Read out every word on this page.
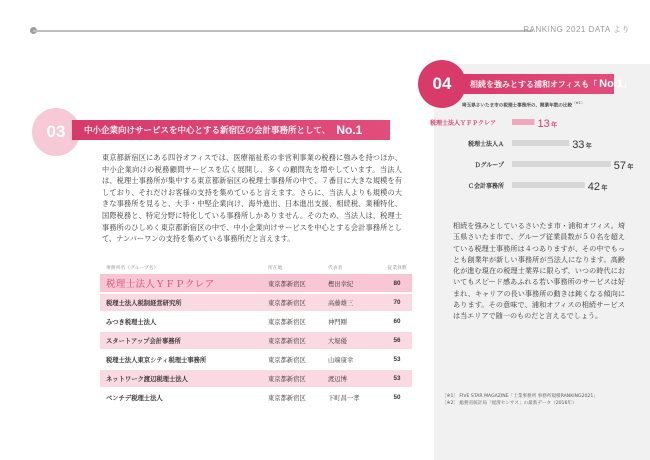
RANKING 2021 DATA より
03 中小企業向けサービスを中心とする新宿区の会計事務所として、 No.1
東京都新宿区にある四谷オフィスでは、医療福祉系の非営利事業の税務に強みを持つほか、中小企業向けの税務顧問サービスを広く展開し、多くの顧問先を増やしています。当法人は、税理士事務所が集中する東京都新宿区の税理士事務所の中で、７番目に大きな規模を有しており、それだけお客様の支持を集めていると言えます。さらに、当法人よりも規模の大きな事務所を見ると、大手・中堅企業向け、海外進出、日本進出支援、相続税、業種特化、国際税務と、特定分野に特化している事務所しかありません。そのため、当法人は、税理士事務所のひしめく東京都新宿区の中で、中小企業向けサービスを中心とする会計事務所として、ナンバーワンの支持を集めている事務所だと言えます。
事務所名（グループ名）	所在地	代表者	従業員数
税理士法人ＹＦＰクレア	東京都新宿区	樫田幸紀	80
税理士法人税制経営研究所	東京都新宿区	高藤雄三	70
みつき税理士法人	東京都新宿区	神門剛	60
スタートアップ会計事務所	東京都新宿区	大堀優	56
税理士法人東京シティ税理士事務所	東京都新宿区	山端康幸	53
ネットワーク渡辺税理士法人	東京都新宿区	渡辺博	53
ベンチデ税理士法人	東京都新宿区	下町昌一孝	50
04 相続を強みとする浦和オフィスも「 No.1 」
埼玉県さいたま市の税理士事務所の、開業年数の比較$^{(※1)}$
税理士法人ＹＦＰクレア	13 年
税理士法人Ａ	33 年
Ｄグループ	57 年
Ｃ会計事務所	42 年
相続を強みとしているさいたま市・浦和オフィス。埼玉県さいたま市で、グループ従業員数が５０名を超えている税理士事務所は４つありますが、その中でもっとも創業年が新しい事務所が当法人になります。高齢化が進む現在の税理士業界に限らず、いつの時代においてもスピード感あふれる若い事務所のサービスは好まれ、キャリアの長い事務所の動きは鈍くなる傾向にあります。その意味で、浦和オフィスの相続サービスは当エリアで随一のものだと言えるでしょう。
［※1］ FIVE STAR MAGAZINE「士業事務所 事務所規模RANKING2021」
［※2］ 総務省統計局「経済センサス」の最新データ（2016年）
